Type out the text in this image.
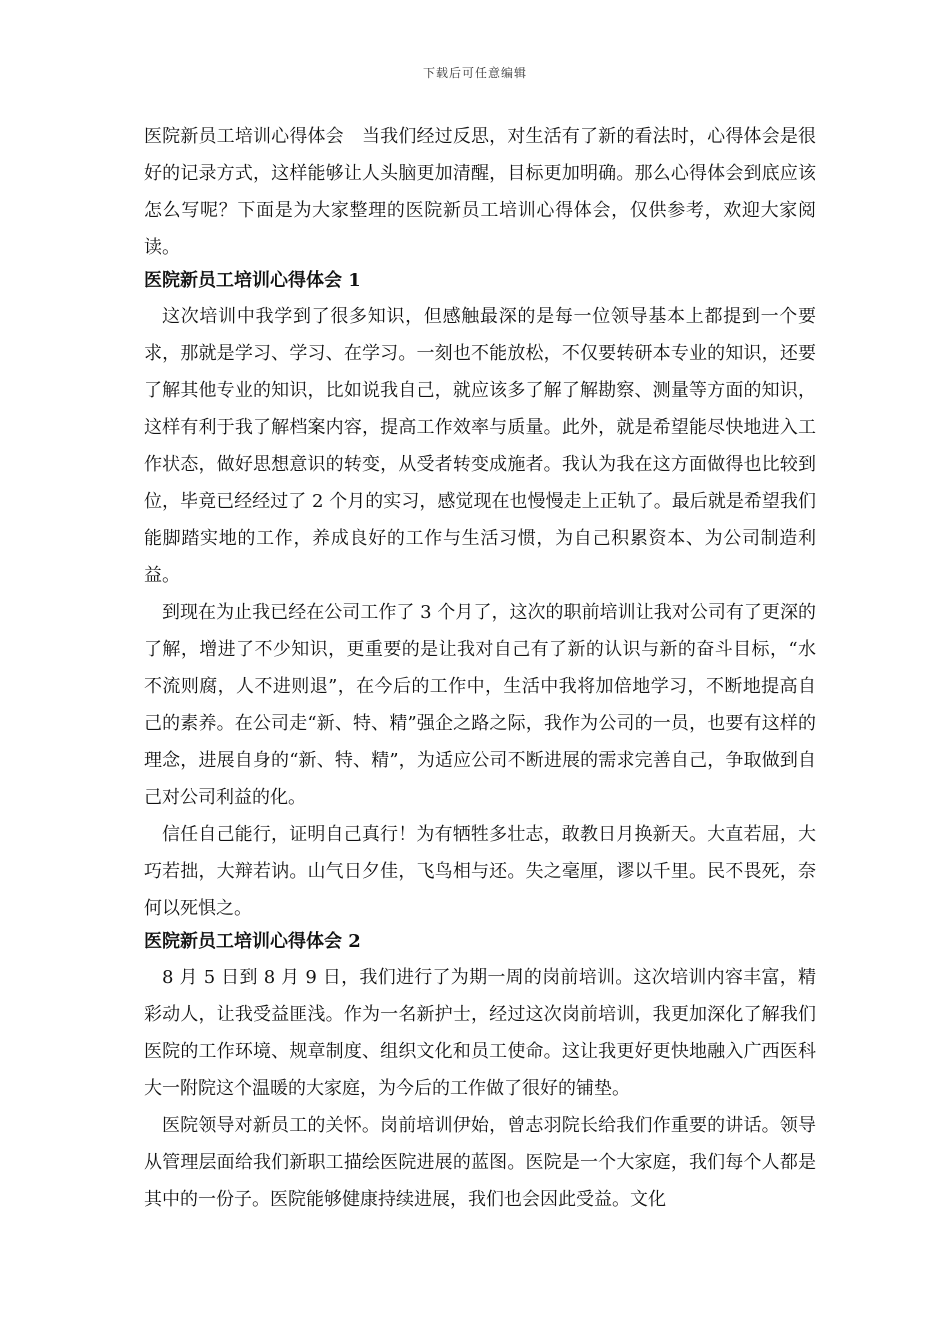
下载后可任意编辑

医院新员工培训心得体会　当我们经过反思，对生活有了新的看法时，心得体会是很好的记录方式，这样能够让人头脑更加清醒，目标更加明确。那么心得体会到底应该怎么写呢？下面是为大家整理的医院新员工培训心得体会，仅供参考，欢迎大家阅读。

医院新员工培训心得体会 1

这次培训中我学到了很多知识，但感触最深的是每一位领导基本上都提到一个要求，那就是学习、学习、在学习。一刻也不能放松，不仅要转研本专业的知识，还要了解其他专业的知识，比如说我自己，就应该多了解了解勘察、测量等方面的知识，这样有利于我了解档案内容，提高工作效率与质量。此外，就是希望能尽快地进入工作状态，做好思想意识的转变，从受者转变成施者。我认为我在这方面做得也比较到位，毕竟已经经过了 2 个月的实习，感觉现在也慢慢走上正轨了。最后就是希望我们能脚踏实地的工作，养成良好的工作与生活习惯，为自己积累资本、为公司制造利益。

到现在为止我已经在公司工作了 3 个月了，这次的职前培训让我对公司有了更深的了解，增进了不少知识，更重要的是让我对自己有了新的认识与新的奋斗目标，“水不流则腐，人不进则退”，在今后的工作中，生活中我将加倍地学习，不断地提高自己的素养。在公司走“新、特、精”强企之路之际，我作为公司的一员，也要有这样的理念，进展自身的“新、特、精”，为适应公司不断进展的需求完善自己，争取做到自己对公司利益的化。

信任自己能行，证明自己真行！为有牺牲多壮志，敢教日月换新天。大直若屈，大巧若拙，大辩若讷。山气日夕佳，飞鸟相与还。失之毫厘，谬以千里。民不畏死，奈何以死惧之。

医院新员工培训心得体会 2

8 月 5 日到 8 月 9 日，我们进行了为期一周的岗前培训。这次培训内容丰富，精彩动人，让我受益匪浅。作为一名新护士，经过这次岗前培训，我更加深化了解我们医院的工作环境、规章制度、组织文化和员工使命。这让我更好更快地融入广西医科大一附院这个温暖的大家庭，为今后的工作做了很好的铺垫。

医院领导对新员工的关怀。岗前培训伊始，曾志羽院长给我们作重要的讲话。领导从管理层面给我们新职工描绘医院进展的蓝图。医院是一个大家庭，我们每个人都是其中的一份子。医院能够健康持续进展，我们也会因此受益。文化
